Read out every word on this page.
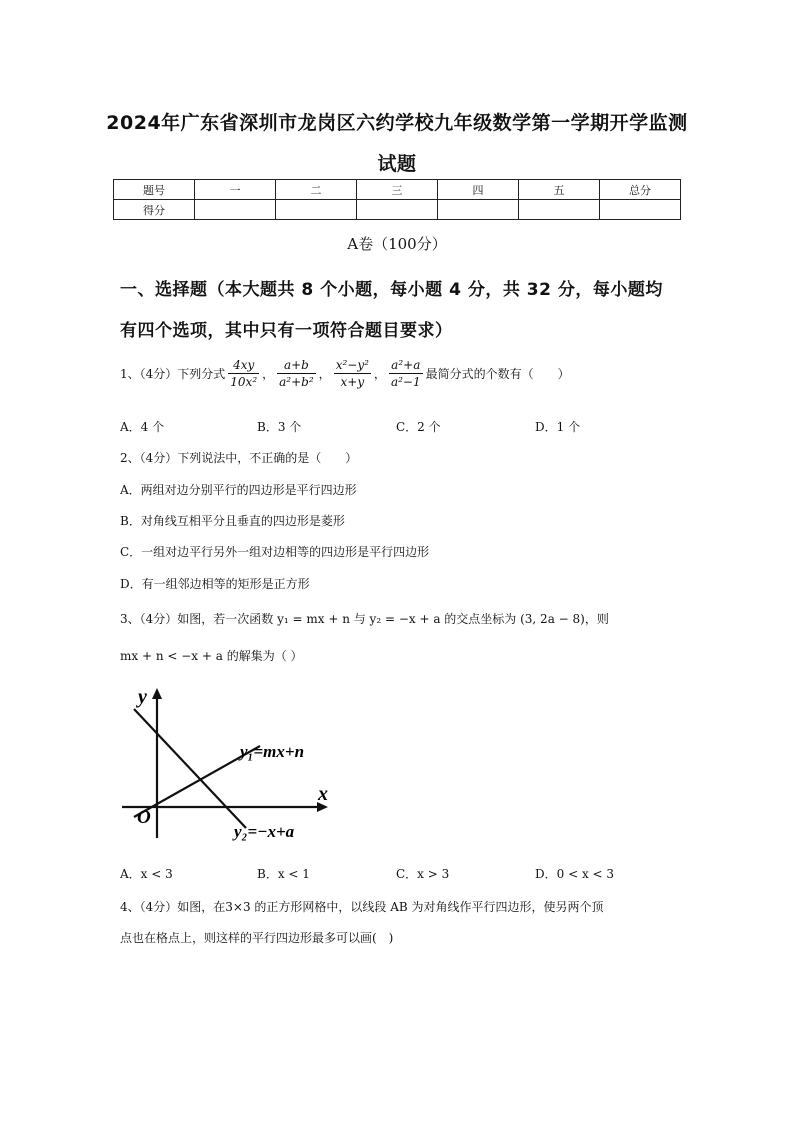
2024年广东省深圳市龙岗区六约学校九年级数学第一学期开学监测
试题
题号	一	二	三	四	五	总分
得分						
A卷（100分）
一、选择题（本大题共 8 个小题，每小题 4 分，共 32 分，每小题均
有四个选项，其中只有一项符合题目要求）
1、（4分）下列分式 $\frac{4xy}{\text{10x²}}$ ， $\frac{a+b}{\text{a²+b²}}$ ， $\frac{\text{x²−y²}}{x+y}$ ， $\frac{\text{a²+a}}{\text{a²−1}}$ 最简分式的个数有（　　）
A．4 个	B．3 个	C．2 个	D．1 个
2、（4分）下列说法中，不正确的是（　　）
A．两组对边分别平行的四边形是平行四边形
B．对角线互相平分且垂直的四边形是菱形
C．一组对边平行另外一组对边相等的四边形是平行四边形
D．有一组邻边相等的矩形是正方形
3、（4分）如图，若一次函数 y₁ = mx + n 与 y₂ = −x + a 的交点坐标为 (3, 2a − 8)，则
mx + n < −x + a 的解集为（ ）
y
x
O
y₁=mx+n
y₂=−x+a
A．x < 3	B．x < 1	C．x > 3	D．0 < x < 3
4、（4分）如图，在3×3 的正方形网格中，以线段 AB 为对角线作平行四边形，使另两个顶
点也在格点上，则这样的平行四边形最多可以画(　)
